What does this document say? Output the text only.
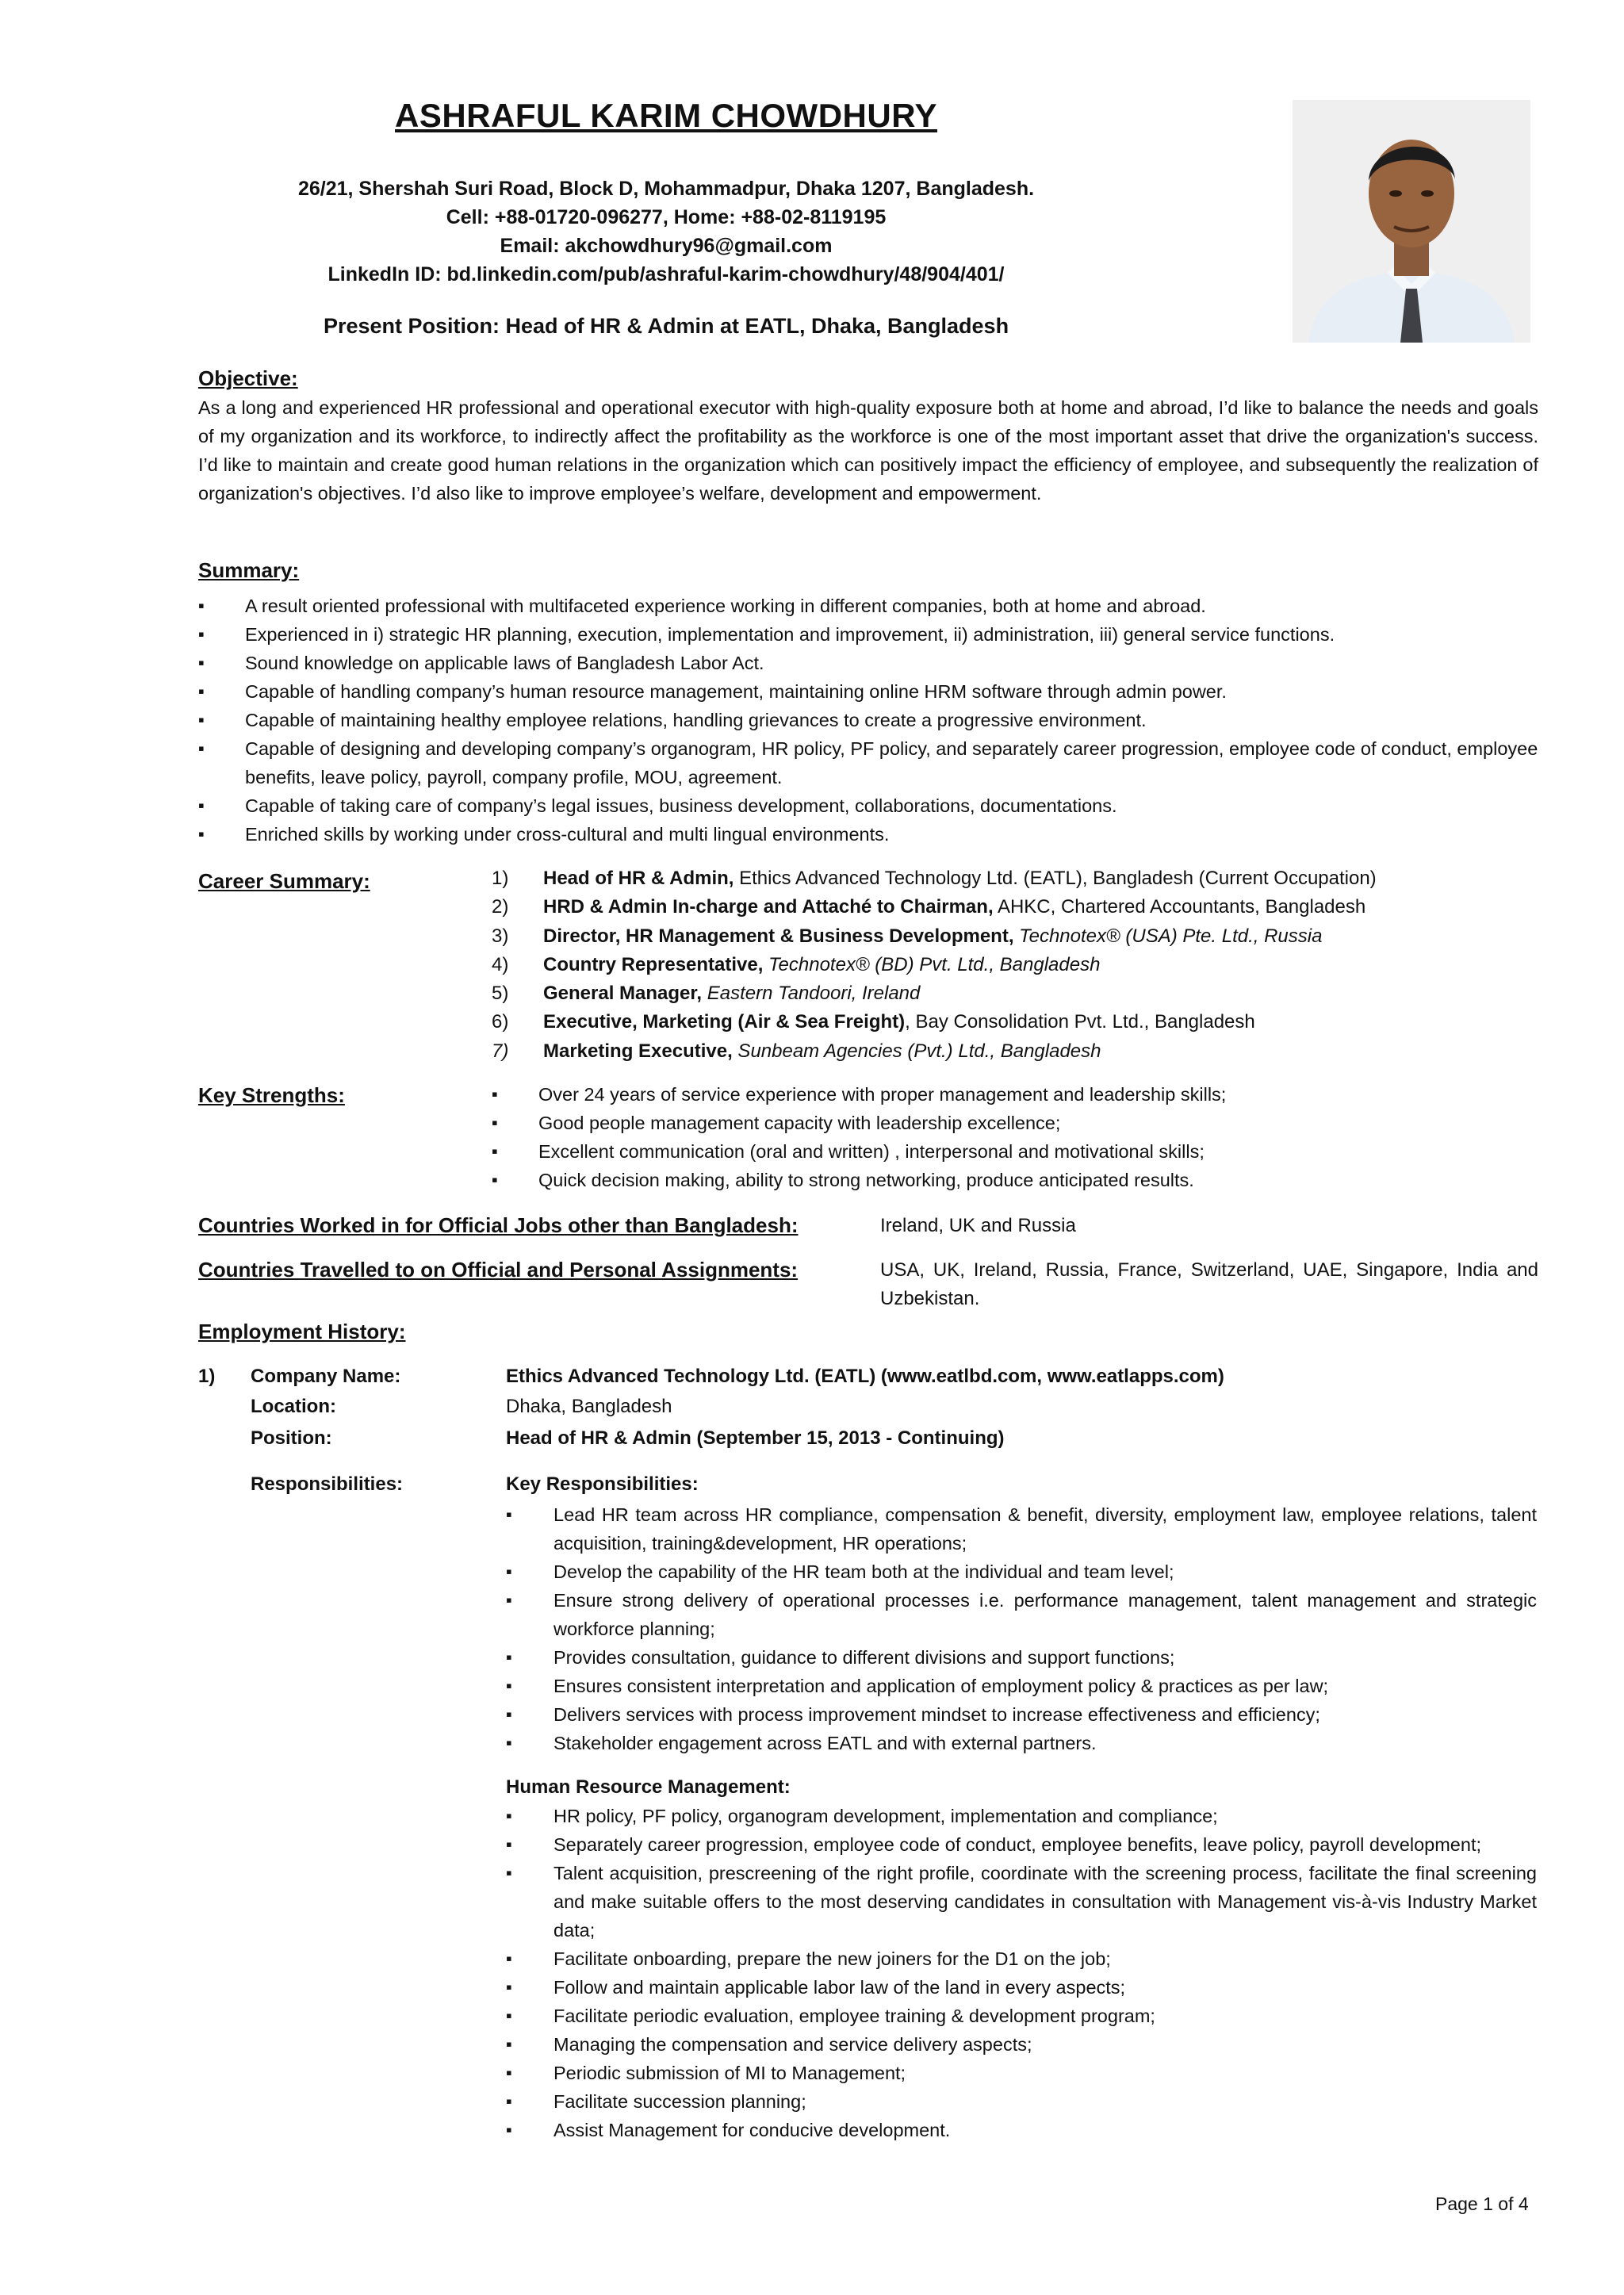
ASHRAFUL KARIM CHOWDHURY
26/21, Shershah Suri Road, Block D, Mohammadpur, Dhaka 1207, Bangladesh.
Cell: +88-01720-096277, Home: +88-02-8119195
Email: akchowdhury96@gmail.com
LinkedIn ID: bd.linkedin.com/pub/ashraful-karim-chowdhury/48/904/401/
Present Position: Head of HR & Admin at EATL, Dhaka, Bangladesh
Objective:
As a long and experienced HR professional and operational executor with high-quality exposure both at home and abroad, I’d like to balance the needs and goals of my organization and its workforce, to indirectly affect the profitability as the workforce is one of the most important asset that drive the organization's success. I’d like to maintain and create good human relations in the organization which can positively impact the efficiency of employee, and subsequently the realization of organization's objectives. I’d also like to improve employee’s welfare, development and empowerment.
Summary:
▪ A result oriented professional with multifaceted experience working in different companies, both at home and abroad.
▪ Experienced in i) strategic HR planning, execution, implementation and improvement, ii) administration, iii) general service functions.
▪ Sound knowledge on applicable laws of Bangladesh Labor Act.
▪ Capable of handling company’s human resource management, maintaining online HRM software through admin power.
▪ Capable of maintaining healthy employee relations, handling grievances to create a progressive environment.
▪ Capable of designing and developing company’s organogram, HR policy, PF policy, and separately career progression, employee code of conduct, employee benefits, leave policy, payroll, company profile, MOU, agreement.
▪ Capable of taking care of company’s legal issues, business development, collaborations, documentations.
▪ Enriched skills by working under cross-cultural and multi lingual environments.
Career Summary:	1) Head of HR & Admin, Ethics Advanced Technology Ltd. (EATL), Bangladesh (Current Occupation)
2) HRD & Admin In-charge and Attaché to Chairman, AHKC, Chartered Accountants, Bangladesh
3) Director, HR Management & Business Development, Technotex® (USA) Pte. Ltd., Russia
4) Country Representative, Technotex® (BD) Pvt. Ltd., Bangladesh
5) General Manager, Eastern Tandoori, Ireland
6) Executive, Marketing (Air & Sea Freight), Bay Consolidation Pvt. Ltd., Bangladesh
7) Marketing Executive, Sunbeam Agencies (Pvt.) Ltd., Bangladesh
Key Strengths:
▪	Over 24 years of service experience with proper management and leadership skills;
▪ Good people management capacity with leadership excellence;
▪ Excellent communication (oral and written) , interpersonal and motivational skills;
▪ Quick decision making, ability to strong networking, produce anticipated results.
Countries Worked in for Official Jobs other than Bangladesh:	Ireland, UK and Russia
Countries Travelled to on Official and Personal Assignments:	USA, UK, Ireland, Russia, France, Switzerland, UAE, Singapore, India and Uzbekistan.
Employment History:
1) Company Name:	Ethics Advanced Technology Ltd. (EATL) (www.eatlbd.com, www.eatlapps.com)
Location:	Dhaka, Bangladesh
Position:	Head of HR & Admin (September 15, 2013 - Continuing)
Responsibilities:	Key Responsibilities:
▪ Lead HR team across HR compliance, compensation & benefit, diversity, employment law, employee relations, talent acquisition, training&development, HR operations;
▪ Develop the capability of the HR team both at the individual and team level;
▪ Ensure strong delivery of operational processes i.e. performance management, talent management and strategic workforce planning;
▪ Provides consultation, guidance to different divisions and support functions;
▪ Ensures consistent interpretation and application of employment policy & practices as per law;
▪ Delivers services with process improvement mindset to increase effectiveness and efficiency;
▪ Stakeholder engagement across EATL and with external partners.
Human Resource Management:
▪ HR policy, PF policy, organogram development, implementation and compliance;
▪ Separately career progression, employee code of conduct, employee benefits, leave policy, payroll development;
▪ Talent acquisition, prescreening of the right profile, coordinate with the screening process, facilitate the final screening and make suitable offers to the most deserving candidates in consultation with Management vis-à-vis Industry Market data;
▪ Facilitate onboarding, prepare the new joiners for the D1 on the job;
▪ Follow and maintain applicable labor law of the land in every aspects;
▪ Facilitate periodic evaluation, employee training & development program;
▪ Managing the compensation and service delivery aspects;
▪ Periodic submission of MI to Management;
▪ Facilitate succession planning;
▪ Assist Management for conducive development.
Page 1 of 4
